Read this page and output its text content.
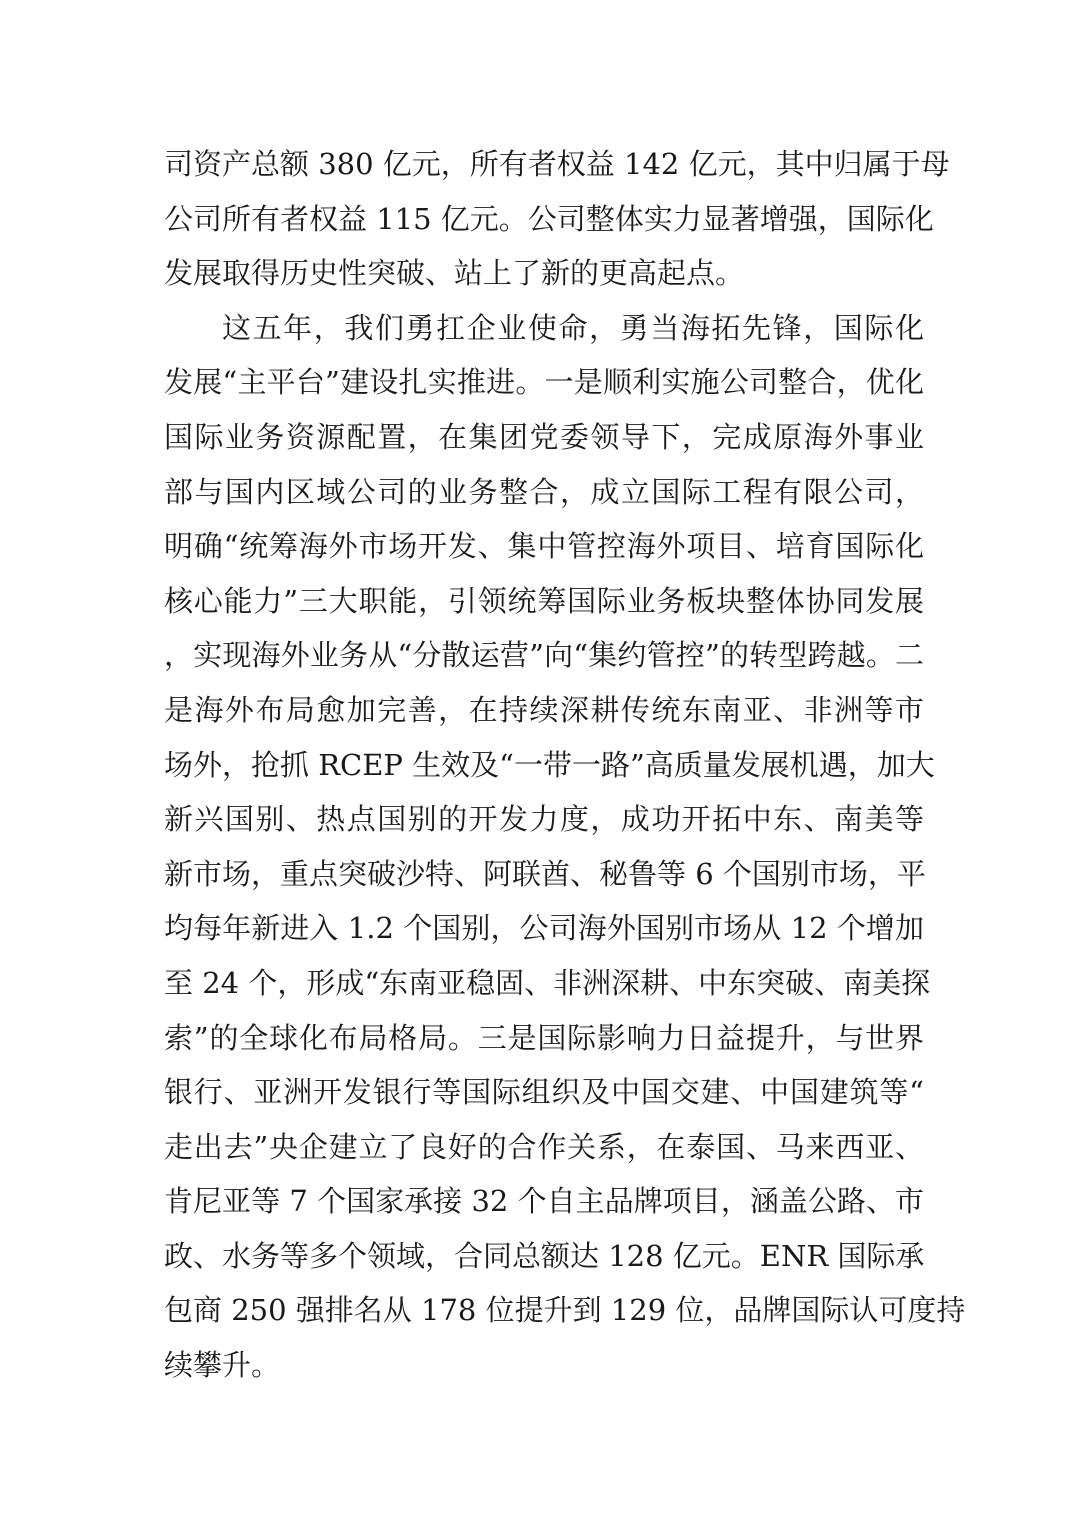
司资产总额 380 亿元，所有者权益 142 亿元，其中归属于母
公司所有者权益 115 亿元。公司整体实力显著增强，国际化
发展取得历史性突破、站上了新的更高起点。
这五年，我们勇扛企业使命，勇当海拓先锋，国际化
发展“主平台”建设扎实推进。一是顺利实施公司整合，优化
国际业务资源配置，在集团党委领导下，完成原海外事业
部与国内区域公司的业务整合，成立国际工程有限公司，
明确“统筹海外市场开发、集中管控海外项目、培育国际化
核心能力”三大职能，引领统筹国际业务板块整体协同发展
，实现海外业务从“分散运营”向“集约管控”的转型跨越。二
是海外布局愈加完善，在持续深耕传统东南亚、非洲等市
场外，抢抓 RCEP 生效及“一带一路”高质量发展机遇，加大
新兴国别、热点国别的开发力度，成功开拓中东、南美等
新市场，重点突破沙特、阿联酋、秘鲁等 6 个国别市场，平
均每年新进入 1.2 个国别，公司海外国别市场从 12 个增加
至 24 个，形成“东南亚稳固、非洲深耕、中东突破、南美探
索”的全球化布局格局。三是国际影响力日益提升，与世界
银行、亚洲开发银行等国际组织及中国交建、中国建筑等“
走出去”央企建立了良好的合作关系，在泰国、马来西亚、
肯尼亚等 7 个国家承接 32 个自主品牌项目，涵盖公路、市
政、水务等多个领域，合同总额达 128 亿元。ENR 国际承
包商 250 强排名从 178 位提升到 129 位，品牌国际认可度持
续攀升。
